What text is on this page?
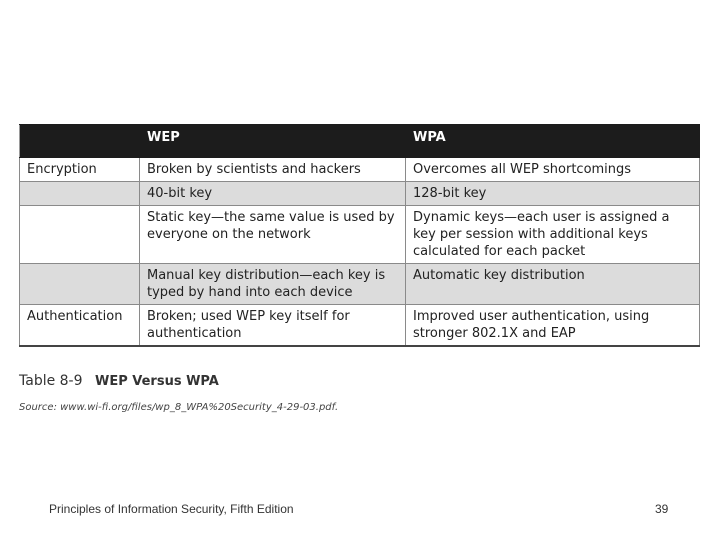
	WEP	WPA
Encryption	Broken by scientists and hackers	Overcomes all WEP shortcomings
	40-bit key	128-bit key
	Static key—the same value is used by everyone on the network	Dynamic keys—each user is assigned a key per session with additional keys calculated for each packet
	Manual key distribution—each key is typed by hand into each device	Automatic key distribution
Authentication	Broken; used WEP key itself for authentication	Improved user authentication, using stronger 802.1X and EAP
Table 8-9 WEP Versus WPA
Source: www.wi-fi.org/files/wp_8_WPA%20Security_4-29-03.pdf.
Principles of Information Security, Fifth Edition	39
